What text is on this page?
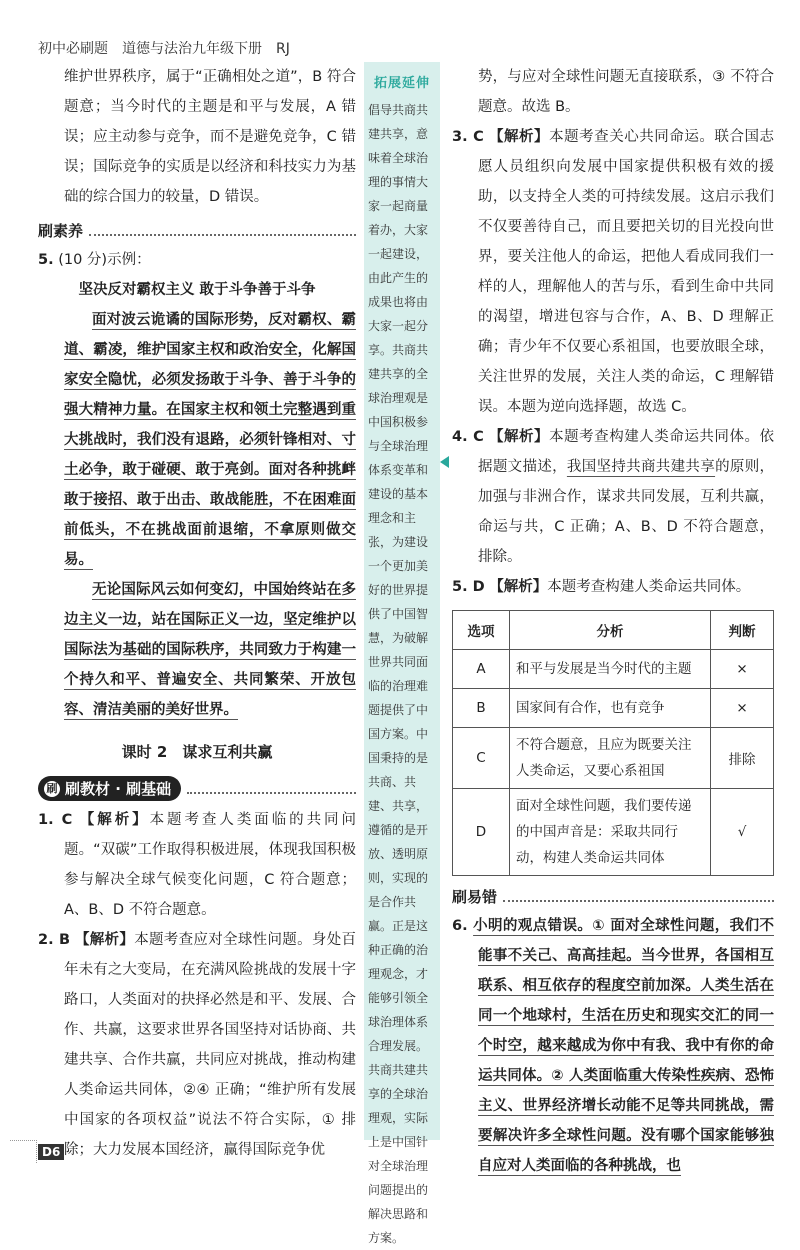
初中必刷题　道德与法治九年级下册　RJ

维护世界秩序，属于“正确相处之道”，B 符合题意；当今时代的主题是和平与发展，A 错误；应主动参与竞争，而不是避免竞争，C 错误；国际竞争的实质是以经济和科技实力为基础的综合国力的较量，D 错误。

刷素养

5. (10 分)示例：

坚决反对霸权主义 敢于斗争善于斗争

面对波云诡谲的国际形势，反对霸权、霸道、霸凌，维护国家主权和政治安全，化解国家安全隐忧，必须发扬敢于斗争、善于斗争的强大精神力量。在国家主权和领土完整遇到重大挑战时，我们没有退路，必须针锋相对、寸土必争，敢于碰硬、敢于亮剑。面对各种挑衅敢于接招、敢于出击、敢战能胜，不在困难面前低头，不在挑战面前退缩，不拿原则做交易。

无论国际风云如何变幻，中国始终站在多边主义一边，站在国际正义一边，坚定维护以国际法为基础的国际秩序，共同致力于构建一个持久和平、普遍安全、共同繁荣、开放包容、清洁美丽的美好世界。

课时 2　谋求互利共赢
刷 刷教材 · 刷基础

1. C 【解析】本题考查人类面临的共同问题。“双碳”工作取得积极进展，体现我国积极参与解决全球气候变化问题，C 符合题意；A、B、D 不符合题意。

2. B 【解析】本题考查应对全球性问题。身处百年未有之大变局，在充满风险挑战的发展十字路口，人类面对的抉择必然是和平、发展、合作、共赢，这要求世界各国坚持对话协商、共建共享、合作共赢，共同应对挑战，推动构建人类命运共同体，②④ 正确；“维护所有发展中国家的各项权益”说法不符合实际，① 排除；大力发展本国经济，赢得国际竞争优

拓展延伸
倡导共商共建共享，意味着全球治理的事情大家一起商量着办，大家一起建设，由此产生的成果也将由大家一起分享。共商共建共享的全球治理观是中国积极参与全球治理体系变革和建设的基本理念和主张，为建设一个更加美好的世界提供了中国智慧，为破解世界共同面临的治理难题提供了中国方案。中国秉持的是共商、共建、共享，遵循的是开放、透明原则，实现的是合作共赢。正是这种正确的治理观念，才能够引领全球治理体系合理发展。共商共建共享的全球治理观，实际上是中国针对全球治理问题提出的解决思路和方案。

势，与应对全球性问题无直接联系，③ 不符合题意。故选 B。

3. C 【解析】本题考查关心共同命运。联合国志愿人员组织向发展中国家提供积极有效的援助，以支持全人类的可持续发展。这启示我们不仅要善待自己，而且要把关切的目光投向世界，要关注他人的命运，把他人看成同我们一样的人，理解他人的苦与乐，看到生命中共同的渴望，增进包容与合作，A、B、D 理解正确；青少年不仅要心系祖国，也要放眼全球，关注世界的发展，关注人类的命运，C 理解错误。本题为逆向选择题，故选 C。

4. C 【解析】本题考查构建人类命运共同体。依据题文描述，我国坚持共商共建共享的原则，加强与非洲合作，谋求共同发展，互利共赢，命运与共，C 正确；A、B、D 不符合题意，排除。

5. D 【解析】本题考查构建人类命运共同体。

选项	分析	判断
A	和平与发展是当今时代的主题	×
B	国家间有合作，也有竞争	×
C	不符合题意，且应为既要关注人类命运，又要心系祖国	排除
D	面对全球性问题，我们要传递的中国声音是：采取共同行动，构建人类命运共同体	√
刷易错

6. 小明的观点错误。① 面对全球性问题，我们不能事不关己、高高挂起。当今世界，各国相互联系、相互依存的程度空前加深。人类生活在同一个地球村，生活在历史和现实交汇的同一个时空，越来越成为你中有我、我中有你的命运共同体。② 人类面临重大传染性疾病、恐怖主义、世界经济增长动能不足等共同挑战，需要解决许多全球性问题。没有哪个国家能够独自应对人类面临的各种挑战，也

D6
